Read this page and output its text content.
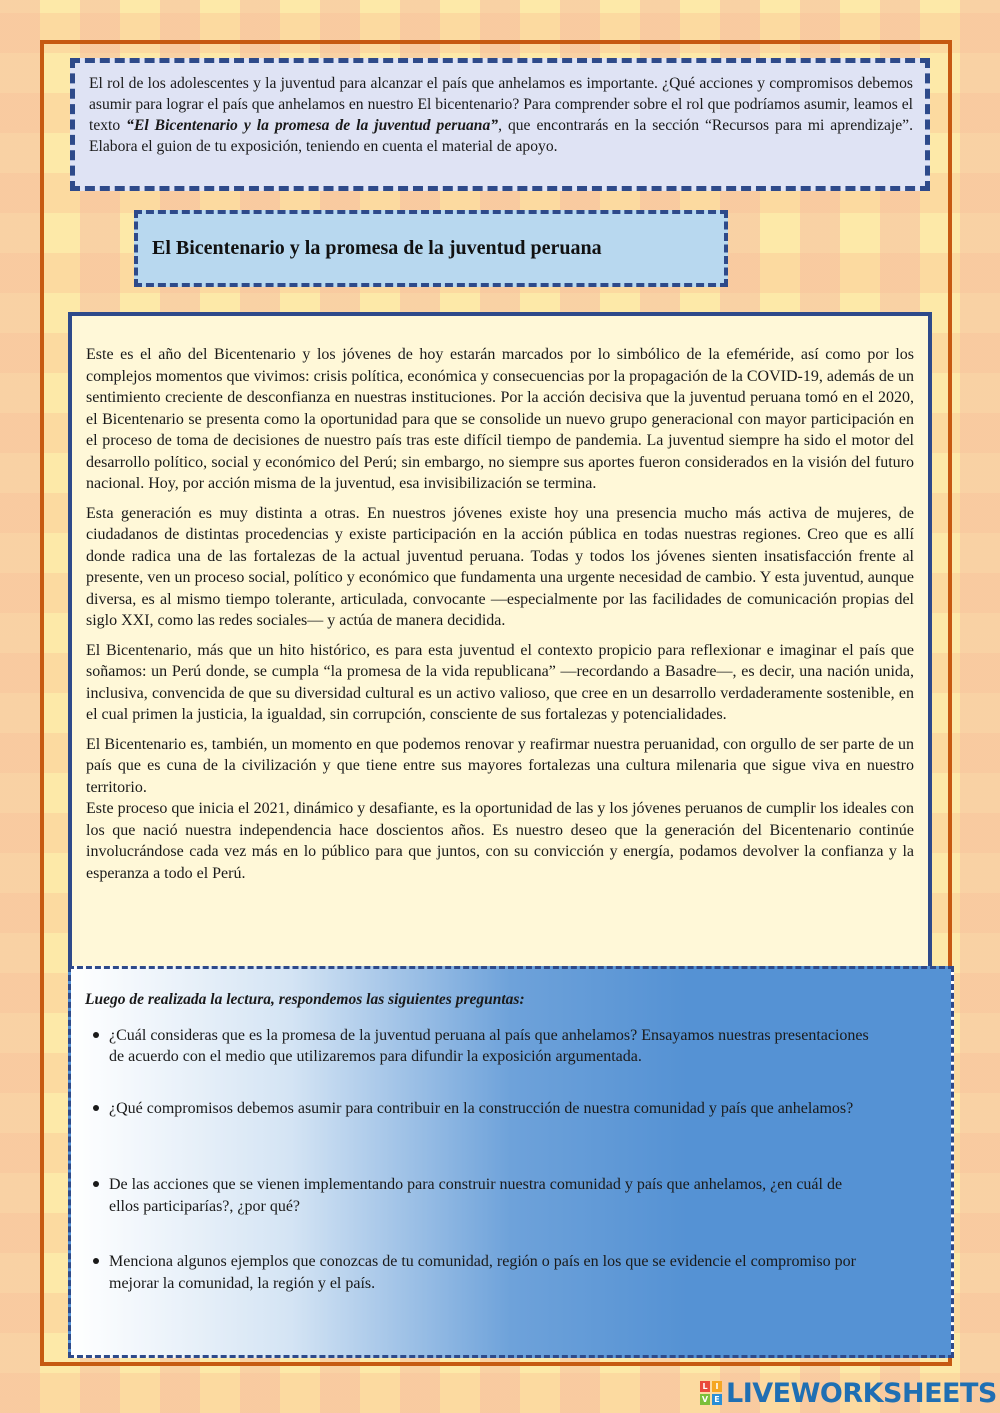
El rol de los adolescentes y la juventud para alcanzar el país que anhelamos es importante. ¿Qué acciones y compromisos debemos asumir para lograr el país que anhelamos en nuestro El bicentenario? Para comprender sobre el rol que podríamos asumir, leamos el texto “El Bicentenario y la promesa de la juventud peruana”, que encontrarás en la sección “Recursos para mi aprendizaje”. Elabora el guion de tu exposición, teniendo en cuenta el material de apoyo.
El Bicentenario y la promesa de la juventud peruana

Este es el año del Bicentenario y los jóvenes de hoy estarán marcados por lo simbólico de la efeméride, así como por los complejos momentos que vivimos: crisis política, económica y consecuencias por la propagación de la COVID-19, además de un sentimiento creciente de desconfianza en nuestras instituciones. Por la acción decisiva que la juventud peruana tomó en el 2020, el Bicentenario se presenta como la oportunidad para que se consolide un nuevo grupo generacional con mayor participación en el proceso de toma de decisiones de nuestro país tras este difícil tiempo de pandemia. La juventud siempre ha sido el motor del desarrollo político, social y económico del Perú; sin embargo, no siempre sus aportes fueron considerados en la visión del futuro nacional. Hoy, por acción misma de la juventud, esa invisibilización se termina.

Esta generación es muy distinta a otras. En nuestros jóvenes existe hoy una presencia mucho más activa de mujeres, de ciudadanos de distintas procedencias y existe participación en la acción pública en todas nuestras regiones. Creo que es allí donde radica una de las fortalezas de la actual juventud peruana. Todas y todos los jóvenes sienten insatisfacción frente al presente, ven un proceso social, político y económico que fundamenta una urgente necesidad de cambio. Y esta juventud, aunque diversa, es al mismo tiempo tolerante, articulada, convocante —especialmente por las facilidades de comunicación propias del siglo XXI, como las redes sociales— y actúa de manera decidida.

El Bicentenario, más que un hito histórico, es para esta juventud el contexto propicio para reflexionar e imaginar el país que soñamos: un Perú donde, se cumpla “la promesa de la vida republicana” —recordando a Basadre—, es decir, una nación unida, inclusiva, convencida de que su diversidad cultural es un activo valioso, que cree en un desarrollo verdaderamente sostenible, en el cual primen la justicia, la igualdad, sin corrupción, consciente de sus fortalezas y potencialidades.

El Bicentenario es, también, un momento en que podemos renovar y reafirmar nuestra peruanidad, con orgullo de ser parte de un país que es cuna de la civilización y que tiene entre sus mayores fortalezas una cultura milenaria que sigue viva en nuestro territorio.

Este proceso que inicia el 2021, dinámico y desafiante, es la oportunidad de las y los jóvenes peruanos de cumplir los ideales con los que nació nuestra independencia hace doscientos años. Es nuestro deseo que la generación del Bicentenario continúe involucrándose cada vez más en lo público para que juntos, con su convicción y energía, podamos devolver la confianza y la esperanza a todo el Perú.

Luego de realizada la lectura, respondemos las siguientes preguntas:

¿Cuál consideras que es la promesa de la juventud peruana al país que anhelamos? Ensayamos nuestras presentaciones de acuerdo con el medio que utilizaremos para difundir la exposición argumentada.
¿Qué compromisos debemos asumir para contribuir en la construcción de nuestra comunidad y país que anhelamos?
De las acciones que se vienen implementando para construir nuestra comunidad y país que anhelamos, ¿en cuál de ellos participarías?, ¿por qué?
Menciona algunos ejemplos que conozcas de tu comunidad, región o país en los que se evidencie el compromiso por mejorar la comunidad, la región y el país.
L I
V E LIVEWORKSHEETS
